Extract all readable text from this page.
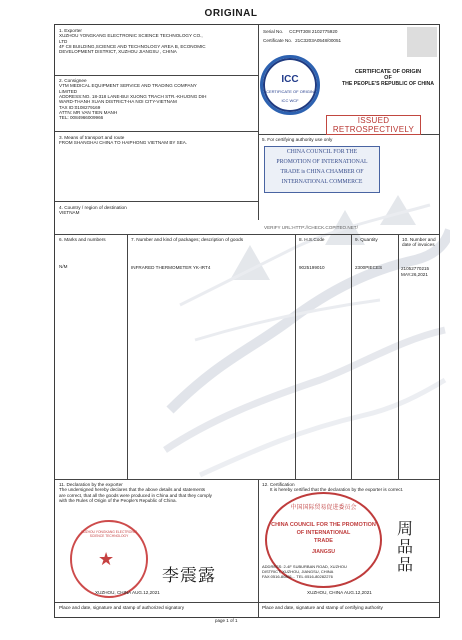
ORIGINAL
1. Exporter
XUZHOU YONGKANG ELECTRONIC SCIENCE TECHNOLOGY CO.,
LTD
4F C8 BUILDING,SCIENCE AND TECHNOLOGY AREA B, ECONOMIC
DEVELOPMENT DISTRICT, XUZHOU JIANGSU , CHINA
Serial No. CCPIT308 2102775920
Certificate No. 21C3203A0548/00051
ICC
CERTIFICATE OF ORIGIN
ICC WCF
CERTIFICATE OF ORIGIN
OF
THE PEOPLE'S REPUBLIC OF CHINA
ISSUED RETROSPECTIVELY
2. Consignee
VTM MEDICAL EQUIPMENT SERVICE AND TRADING COMPANY
LIMITED
ADDRESS:NO. 18-318 LANE-BUI XUONG TRACH STR.-KHUONG DIH
WARD-THANH XUAN DISTRICT-HA NOI CITY-VIETNAM
TAX ID:0108279169
ATTN: MR VAN TIEN MANH
TEL: 0084966009966
3. Means of transport and route
FROM SHANGHAI CHINA TO HAIPHONG VIETNAM BY SEA.
5. For certifying authority use only
CHINA COUNCIL FOR THE
PROMOTION OF INTERNATIONAL
TRADE is CHINA CHAMBER OF
INTERNATIONAL COMMERCE
VERIFY URL:HTTP://CHECK.COPITEO.NET/
4. Country / region of destination
VIETNAM
6. Marks and numbers	7. Number and kind of packages; description of goods	8. H.S.Code	9. Quantity	10. Number and date of invoices
N/M	INFRARED THERMOMETER YK-IRT4	9025199010	2300PIECES	21052770215
MAY.26,2021
11. Declaration by the exporter
The undersigned hereby declares that the above details and statements
are correct, that all the goods were produced in China and that they comply
with the Rules of Origin of the People's Republic of China.
XUZHOU YONGKANG ELECTRONIC SCIENCE TECHNOLOGY
★
李震露
XUZHOU, CHINA AUG.12,2021
12. Certification
It is hereby certified that the declaration by the exporter is correct.
中国国际贸易促进委员会
CHINA COUNCIL FOR THE PROMOTION
OF INTERNATIONAL
TRADE
JIANGSU
ADDRESS: 2-4F SUBURBAN ROAD, XUZHOU
DISTRICT, XUZHOU, JIANGSU, CHINA
FAX:0516-80801... TEL:0516-80282276
周品品
XUZHOU, CHINA AUG.12,2021
Place and date, signature and stamp of authorized signatory	Place and date, signature and stamp of certifying authority
page 1 of 1
